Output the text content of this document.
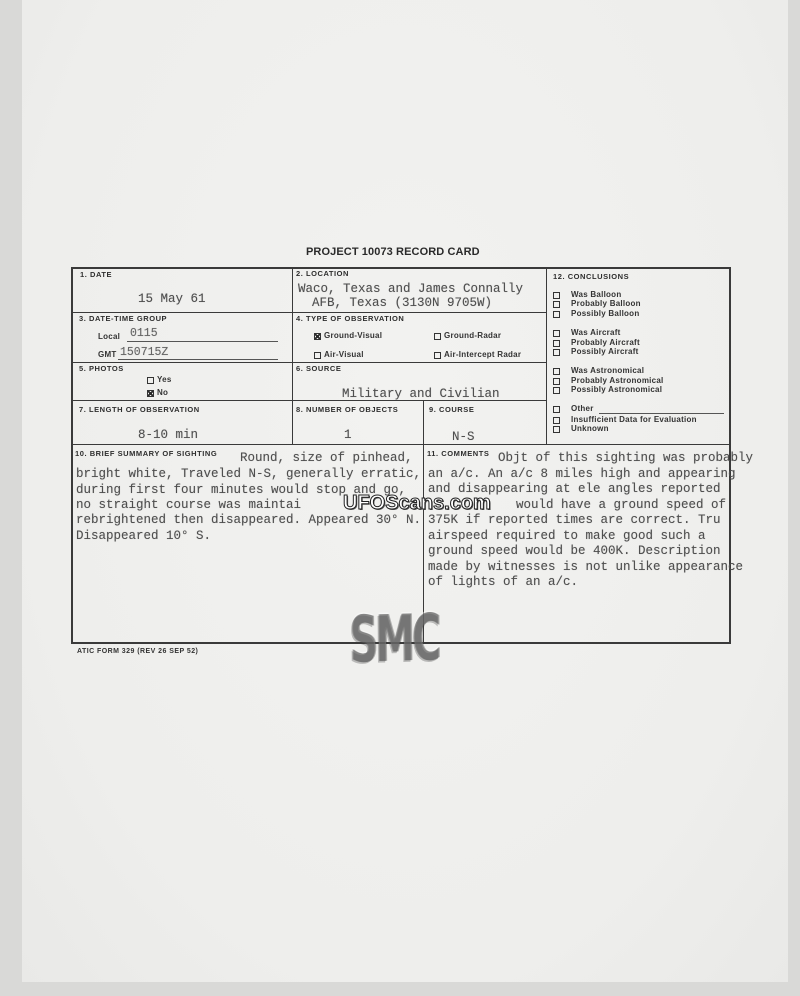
PROJECT 10073 RECORD CARD
1. DATE
15 May 61
2. LOCATION
Waco, Texas and James Connally
AFB, Texas (3130N 9705W)
3. DATE-TIME GROUP
Local 0115
GMT 150715Z
4. TYPE OF OBSERVATION
Ground-Visual	Ground-Radar
Air-Visual	Air-Intercept Radar
5. PHOTOS
Yes
No
6. SOURCE
Military and Civilian
7. LENGTH OF OBSERVATION
8-10 min
8. NUMBER OF OBJECTS
1
9. COURSE
N-S
12. CONCLUSIONS
Was Balloon
Probably Balloon
Possibly Balloon
Was Aircraft
Probably Aircraft
Possibly Aircraft
Was Astronomical
Probably Astronomical
Possibly Astronomical
Other
Insufficient Data for Evaluation
Unknown
10. BRIEF SUMMARY OF SIGHTING Round, size of pinhead,
bright white, Traveled N-S, generally erratic,
during first four minutes would stop and go,
no straight course was maintai
rebrightened then disappeared. Appeared 30° N.
Disappeared 10° S.
11. COMMENTS Objt of this sighting was probably
an a/c. An a/c 8 miles high and appearing
and disappearing at ele angles reported
would have a ground speed of
375K if reported times are correct. Tru
airspeed required to make good such a
ground speed would be 400K. Description
made by witnesses is not unlike appearance
of lights of an a/c.
UFOScans.com
SMC
ATIC FORM 329 (REV 26 SEP 52)
